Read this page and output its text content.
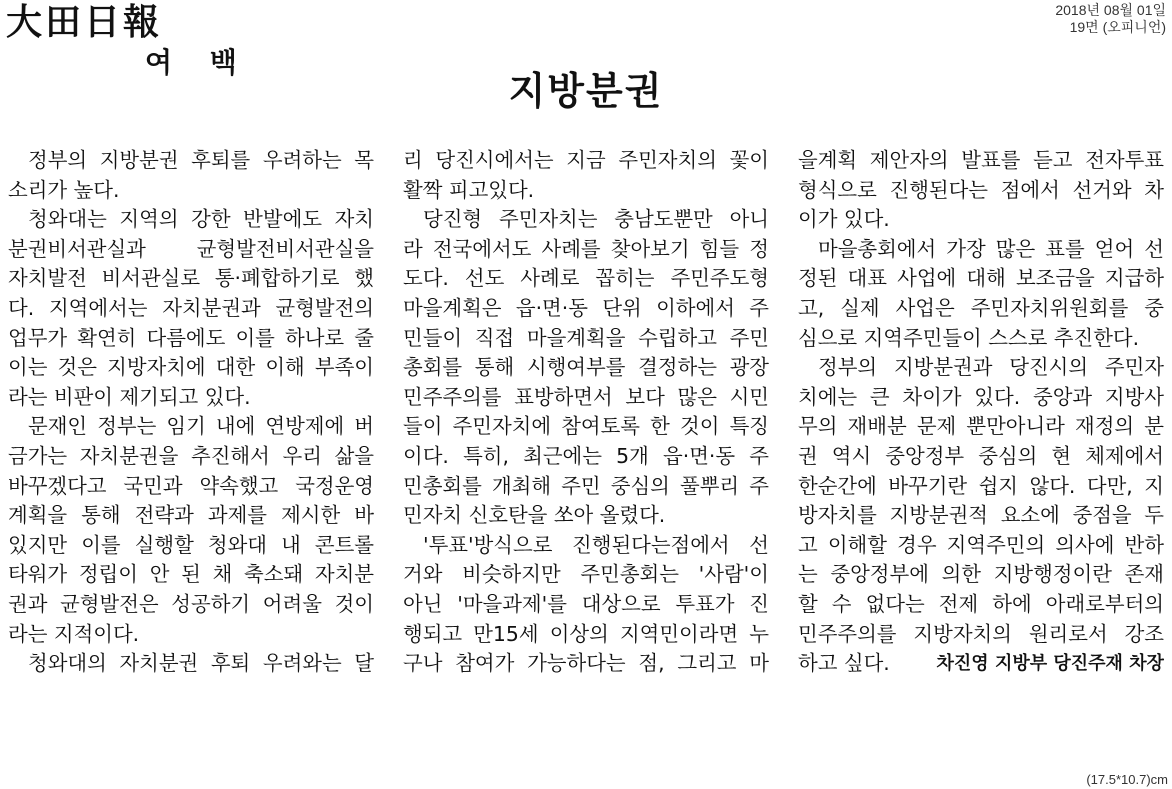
大田日報
여 백
2018년 08월 01일
19면 (오피니언)
지방분권
정부의 지방분권 후퇴를 우려하는 목
소리가 높다.
청와대는 지역의 강한 반발에도 자치
분권비서관실과 균형발전비서관실을
자치발전 비서관실로 통·폐합하기로 했
다. 지역에서는 자치분권과 균형발전의
업무가 확연히 다름에도 이를 하나로 줄
이는 것은 지방자치에 대한 이해 부족이
라는 비판이 제기되고 있다.
문재인 정부는 임기 내에 연방제에 버
금가는 자치분권을 추진해서 우리 삶을
바꾸겠다고 국민과 약속했고 국정운영
계획을 통해 전략과 과제를 제시한 바
있지만 이를 실행할 청와대 내 콘트롤
타워가 정립이 안 된 채 축소돼 자치분
권과 균형발전은 성공하기 어려울 것이
라는 지적이다.
청와대의 자치분권 후퇴 우려와는 달
리 당진시에서는 지금 주민자치의 꽃이
활짝 피고있다.
당진형 주민자치는 충남도뿐만 아니
라 전국에서도 사례를 찾아보기 힘들 정
도다. 선도 사례로 꼽히는 주민주도형
마을계획은 읍·면·동 단위 이하에서 주
민들이 직접 마을계획을 수립하고 주민
총회를 통해 시행여부를 결정하는 광장
민주주의를 표방하면서 보다 많은 시민
들이 주민자치에 참여토록 한 것이 특징
이다. 특히, 최근에는 5개 읍·면·동 주
민총회를 개최해 주민 중심의 풀뿌리 주
민자치 신호탄을 쏘아 올렸다.
'투표'방식으로 진행된다는점에서 선
거와 비슷하지만 주민총회는 '사람'이
아닌 '마을과제'를 대상으로 투표가 진
행되고 만15세 이상의 지역민이라면 누
구나 참여가 가능하다는 점, 그리고 마
을계획 제안자의 발표를 듣고 전자투표
형식으로 진행된다는 점에서 선거와 차
이가 있다.
마을총회에서 가장 많은 표를 얻어 선
정된 대표 사업에 대해 보조금을 지급하
고, 실제 사업은 주민자치위원회를 중
심으로 지역주민들이 스스로 추진한다.
정부의 지방분권과 당진시의 주민자
치에는 큰 차이가 있다. 중앙과 지방사
무의 재배분 문제 뿐만아니라 재정의 분
권 역시 중앙정부 중심의 현 체제에서
한순간에 바꾸기란 쉽지 않다. 다만, 지
방자치를 지방분권적 요소에 중점을 두
고 이해할 경우 지역주민의 의사에 반하
는 중앙정부에 의한 지방행정이란 존재
할 수 없다는 전제 하에 아래로부터의
민주주의를 지방자치의 원리로서 강조
하고 싶다.	차진영 지방부 당진주재 차장
(17.5*10.7)cm
